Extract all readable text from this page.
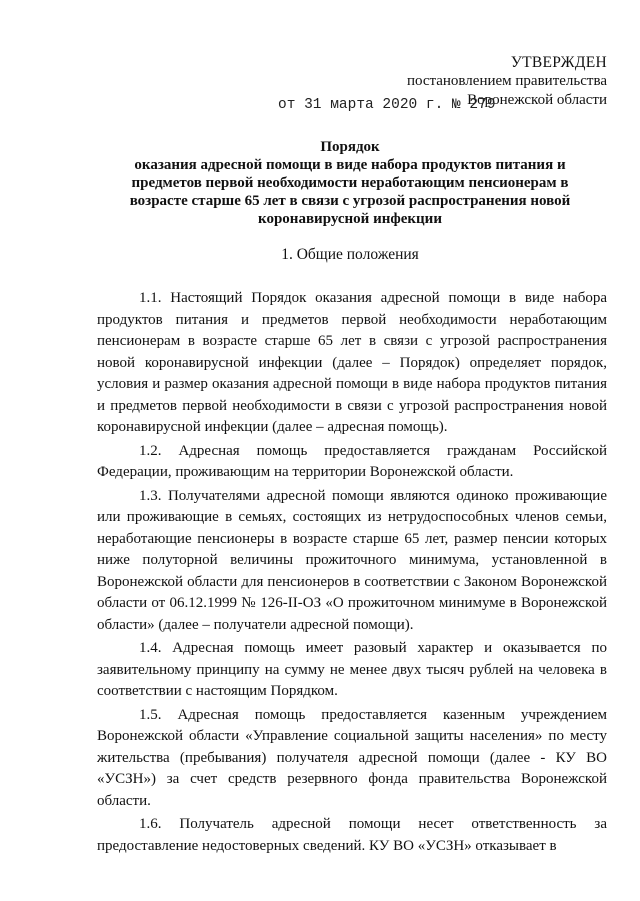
УТВЕРЖДЕН
постановлением правительства
Воронежской области
от 31 марта 2020 г. № 279
Порядок
оказания адресной помощи в виде набора продуктов питания и
предметов первой необходимости неработающим пенсионерам в
возрасте старше 65 лет в связи с угрозой распространения новой
коронавирусной инфекции
1. Общие положения

1.1. Настоящий Порядок оказания адресной помощи в виде набора продуктов питания и предметов первой необходимости неработающим пенсионерам в возрасте старше 65 лет в связи с угрозой распространения новой коронавирусной инфекции (далее – Порядок) определяет порядок, условия и размер оказания адресной помощи в виде набора продуктов питания и предметов первой необходимости в связи с угрозой распространения новой коронавирусной инфекции (далее – адресная помощь).

1.2. Адресная помощь предоставляется гражданам Российской Федерации, проживающим на территории Воронежской области.

1.3. Получателями адресной помощи являются одиноко проживающие или проживающие в семьях, состоящих из нетрудоспособных членов семьи, неработающие пенсионеры в возрасте старше 65 лет, размер пенсии которых ниже полуторной величины прожиточного минимума, установленной в Воронежской области для пенсионеров в соответствии с Законом Воронежской области от 06.12.1999 № 126-II-ОЗ «О прожиточном минимуме в Воронежской области» (далее – получатели адресной помощи).

1.4. Адресная помощь имеет разовый характер и оказывается по заявительному принципу на сумму не менее двух тысяч рублей на человека в соответствии с настоящим Порядком.

1.5. Адресная помощь предоставляется казенным учреждением Воронежской области «Управление социальной защиты населения» по месту жительства (пребывания) получателя адресной помощи (далее - КУ ВО «УСЗН») за счет средств резервного фонда правительства Воронежской области.

1.6. Получатель адресной помощи несет ответственность за предоставление недостоверных сведений. КУ ВО «УСЗН» отказывает в
